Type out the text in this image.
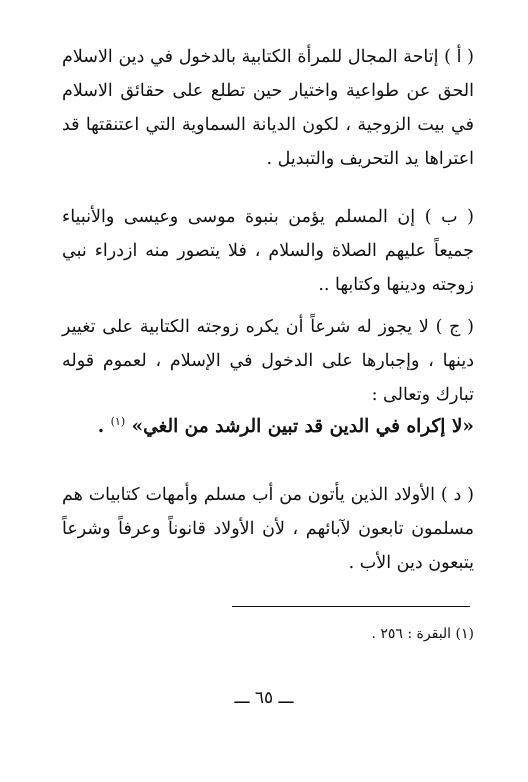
( أ ) إتاحة المجال للمرأة الكتابية بالدخول في دين الاسلام الحق عن طواعية واختيار حين تطلع على حقائق الاسلام في بيت الزوجية ، لكون الديانة السماوية التي اعتنقتها قد اعتراها يد التحريف والتبديل .

( ب ) إن المسلم يؤمن بنبوة موسى وعيسى والأنبياء جميعاً عليهم الصلاة والسلام ، فلا يتصور منه ازدراء نبي زوجته ودينها وكتابها ..

( ج ) لا يجوز له شرعاً أن يكره زوجته الكتابية على تغيير دينها ، وإجبارها على الدخول في الإسلام ، لعموم قوله تبارك وتعالى :

«لا إكراه في الدين قد تبين الرشد من الغي» $^{(١)}$ .

( د ) الأولاد الذين يأتون من أب مسلم وأمهات كتابيات هم مسلمون تابعون لآبائهم ، لأن الأولاد قانوناً وعرفاً وشرعاً يتبعون دين الأب .

(١) البقرة : ٢٥٦ .

ـــ ٦٥ ـــ
